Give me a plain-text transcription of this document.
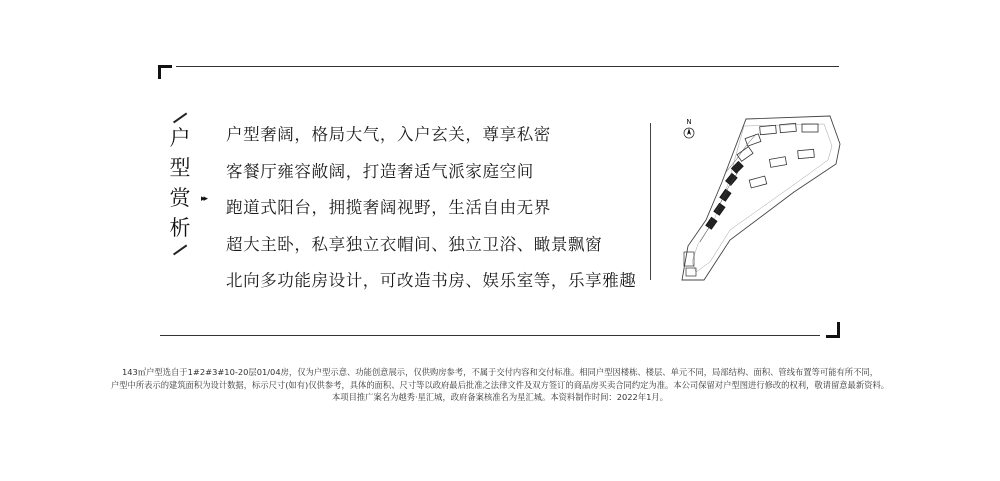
户
型
赏
析
▸▸
户型奢阔，格局大气，入户玄关，尊享私密
客餐厅雍容敞阔，打造奢适气派家庭空间
跑道式阳台，拥揽奢阔视野，生活自由无界
超大主卧，私享独立衣帽间、独立卫浴、瞰景飘窗
北向多功能房设计，可改造书房、娱乐室等，乐享雅趣
N
143㎡户型选自于1#2#3#10-20层01/04房，仅为户型示意、功能创意展示，仅供购房参考，不属于交付内容和交付标准。相同户型因楼栋、楼层、单元不同，局部结构、面积、管线布置等可能有所不同，
户型中所表示的建筑面积为设计数据，标示尺寸(如有)仅供参考，具体的面积、尺寸等以政府最后批准之法律文件及双方签订的商品房买卖合同约定为准。本公司保留对户型图进行修改的权利，敬请留意最新资料。
本项目推广案名为越秀·星汇城，政府备案核准名为星汇城。本资料制作时间：2022年1月。
